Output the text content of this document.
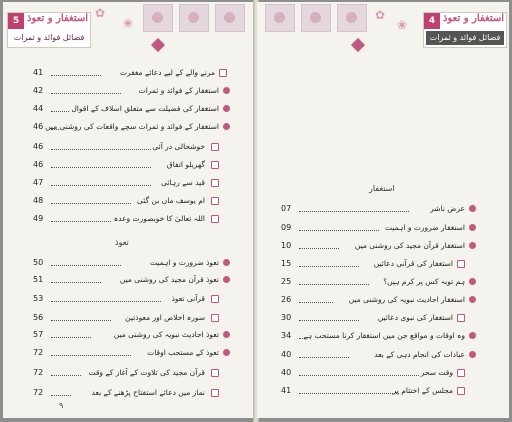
✿
❀
5 استغفار و تعوذ
فضائل فوائد و ثمرات
41	مرنے والے کے لیے دعائے مغفرت
42	استغفار کے فوائد و ثمرات
44	استغفار کی فضیلت سے متعلق اسلاف کے اقوال
46 استغفار کے فوائد و ثمرات سچے واقعات کی روشنی میں
46	خوشحالی در آئی
46	گھریلو اتفاق
47	قید سے رہائی
48	ام یوسف ماں بن گئی
49	اللہ تعالیٰ کا خوبصورت وعدہ
تعوذ
50	تعوذ ضرورت و اہمیت
51	تعوذ قرآن مجید کی روشنی میں
53	قرآنی تعوذ
56	سورہ اخلاص اور معوذتین
57	تعوذ احادیث نبویہ کی روشنی میں
72	تعوذ کے مستحب اوقات
72	قرآن مجید کی تلاوت کے آغاز کے وقت
72	نماز میں دعائے استفتاح پڑھنے کے بعد
٩
✿
❀	4 استغفار و تعوذ
فضائل فوائد و ثمرات
استغفار
07	عرض ناشر
09	استغفار ضرورت و اہمیت
10	استغفار قرآن مجید کی روشنی میں
15	استغفار کی قرآنی دعائیں
25	ہم توبہ کس پر کرم ہیں؟
26	استغفار احادیث نبویہ کی روشنی میں
30	استغفار کی نبوی دعائیں
34 وہ اوقات و مواقع جن میں استغفار کرنا مستحب ہے
40	عبادات کی انجام دہی کے بعد
40	وقت سحر
41	مجلس کے اختتام پر
